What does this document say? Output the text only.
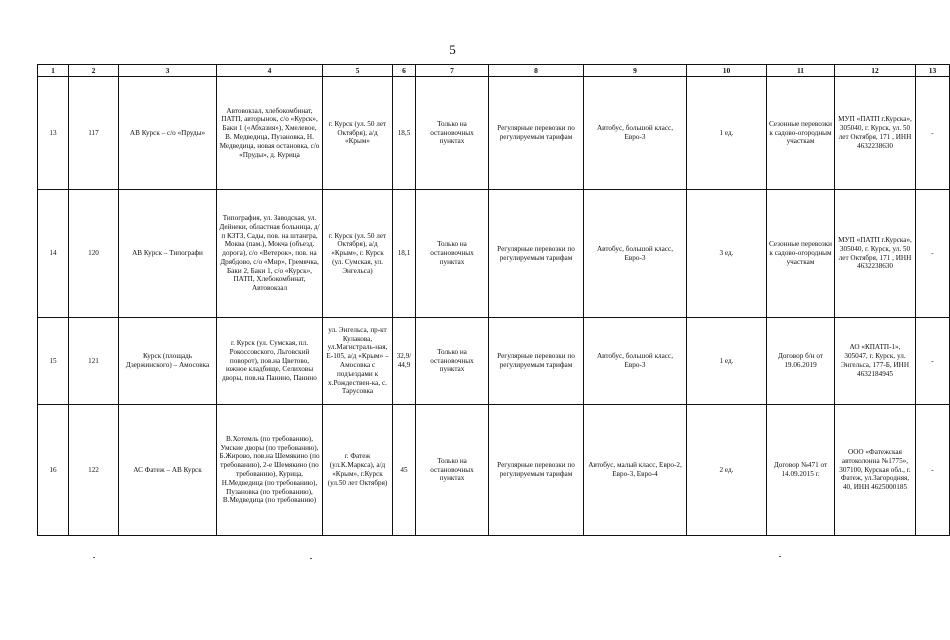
5
1	2	3	4	5	6	7	8	9	10	11	12	13
13	117	АВ Курск – с/о «Пруды»	Автовокзал, хлебокомбинат, ПАТП, авторынок, с/о «Курск», Баки 1 («Абхазия»), Хмелевое, В. Медведица, Пузановка, Н. Медведица, новая остановка, с/о «Пруды», д. Курица	г. Курск (ул. 50 лет Октября), а/д «Крым»	18,5	Только на остановочных пунктах	Регулярные перевозки по регулируемым тарифам	Автобус, большой класс, Евро-3	1 ед.	Сезонные перевозки к садово-огородным участкам	МУП «ПАТП г.Курска», 305040, г. Курск, ул. 50 лет Октября, 171 , ИНН 4632238630	-
14	120	АВ Курск – Типографи	Типография, ул. Заводская, ул. Дейнеки, областная больница, д/п КЗТЗ, Сады, пов. на штангра, Моква (пам.), Мокча (объезд. дорога), с/о «Ветерок», пов. на Дрябдово, с/о «Мир», Гремячка, Баки 2, Баки 1, с/о «Курск», ПАТП, Хлебокомбинат, Автовокзал	г. Курск (ул. 50 лет Октября), а/д «Крым», г. Курск (ул. Сумская, ул. Энгельса)	18,1	Только на остановочных пунктах	Регулярные перевозки по регулируемым тарифам	Автобус, большой класс, Евро-3	3 ед.	Сезонные перевозки к садово-огородным участкам	МУП «ПАТП г.Курска», 305040, г. Курск, ул. 50 лет Октября, 171 , ИНН 4632238630	-
15	121	Курск (площадь Дзержинского) – Амосовка	г. Курск (ул. Сумская, пл. Рокоссовского, Льговский поворот), пов.на Цветово, южное кладбище, Селиховы дворы, пов.на Панино, Панино	ул. Энгельса, пр-кт Кулакова, ул.Магистраль-ная, Е-105, а/д «Крым» – Амосовка с подъездами к х.Рождествен-ка, с. Тарусовка	32,9/ 44,9	Только на остановочных пунктах	Регулярные перевозки по регулируемым тарифам	Автобус, большой класс, Евро-3	1 ед.	Договор б/н от 19.06.2019	АО «КПАТП-1», 305047, г. Курск, ул. Энгельса, 177-Б, ИНН 4632184945	-
16	122	АС Фатеж – АВ Курск	В.Хотемль (по требованию), Умские дворы (по требованию), Б.Жирово, пов.на Шемякино (по требованию), 2-е Шемякино (по требованию), Курица, Н.Медведица (по требованию), Пузановка (по требованию), В.Медведица (по требованию)	г. Фатеж (ул.К.Маркса), а/д «Крым», г.Курск (ул.50 лет Октября)	45	Только на остановочных пунктах	Регулярные перевозки по регулируемым тарифам	Автобус, малый класс, Евро-2, Евро-3, Евро-4	2 ед.	Договор №471 от 14.09.2015 г.	ООО «Фатежская автоколонна №1775», 307100, Курская обл., г. Фатеж, ул.Загородняя, 40, ИНН 4625000185	-
